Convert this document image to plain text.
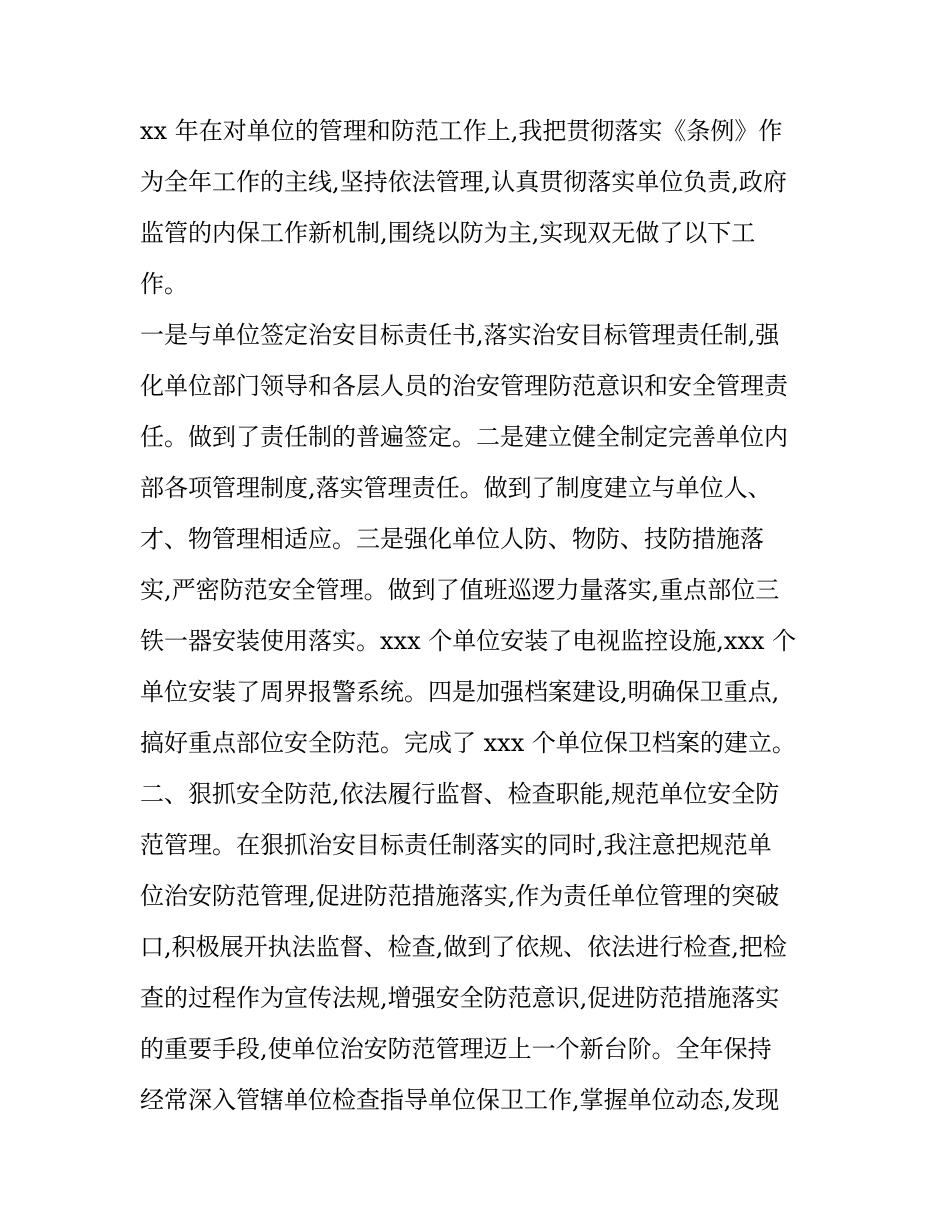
xx 年在对单位的管理和防范工作上,我把贯彻落实《条例》作
为全年工作的主线,坚持依法管理,认真贯彻落实单位负责,政府
监管的内保工作新机制,围绕以防为主,实现双无做了以下工
作。
一是与单位签定治安目标责任书,落实治安目标管理责任制,强
化单位部门领导和各层人员的治安管理防范意识和安全管理责
任。做到了责任制的普遍签定。二是建立健全制定完善单位内
部各项管理制度,落实管理责任。做到了制度建立与单位人、
才、物管理相适应。三是强化单位人防、物防、技防措施落
实,严密防范安全管理。做到了值班巡逻力量落实,重点部位三
铁一器安装使用落实。xxx 个单位安装了电视监控设施,xxx 个
单位安装了周界报警系统。四是加强档案建设,明确保卫重点,
搞好重点部位安全防范。完成了 xxx 个单位保卫档案的建立。
二、狠抓安全防范,依法履行监督、检查职能,规范单位安全防
范管理。在狠抓治安目标责任制落实的同时,我注意把规范单
位治安防范管理,促进防范措施落实,作为责任单位管理的突破
口,积极展开执法监督、检查,做到了依规、依法进行检查,把检
查的过程作为宣传法规,增强安全防范意识,促进防范措施落实
的重要手段,使单位治安防范管理迈上一个新台阶。全年保持
经常深入管辖单位检查指导单位保卫工作,掌握单位动态,发现
